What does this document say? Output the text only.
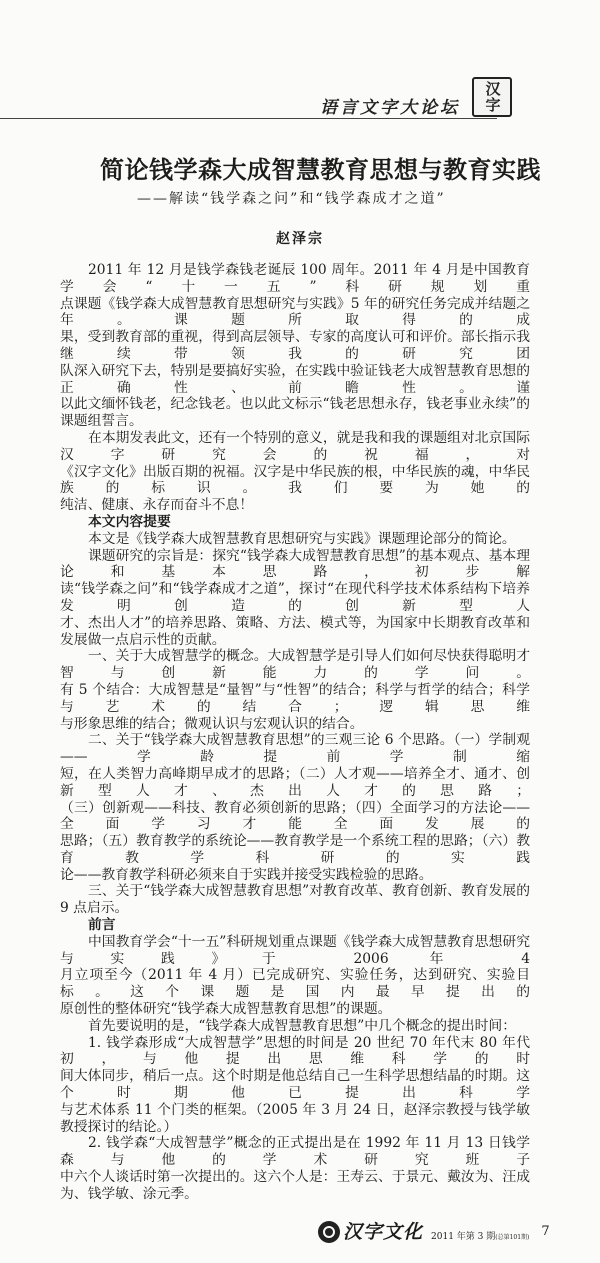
语言文字大论坛 汉字
简论钱学森大成智慧教育思想与教育实践
——解读“钱学森之问”和“钱学森成才之道”
赵泽宗
2011 年 12 月是钱学森钱老诞辰 100 周年。2011 年 4 月是中国教育学会“十一五”科研规划重
点课题《钱学森大成智慧教育思想研究与实践》5 年的研究任务完成并结题之年。课题所取得的成
果，受到教育部的重视，得到高层领导、专家的高度认可和评价。部长指示我继续带领我的研究团
队深入研究下去，特别是要搞好实验，在实践中验证钱老大成智慧教育思想的正确性、前瞻性。谨
以此文缅怀钱老，纪念钱老。也以此文标示“钱老思想永存，钱老事业永续”的课题组誓言。
在本期发表此文，还有一个特别的意义，就是我和我的课题组对北京国际汉字研究会的祝福，对
《汉字文化》出版百期的祝福。汉字是中华民族的根，中华民族的魂，中华民族的标识。我们要为她的
纯洁、健康、永存而奋斗不息！
本文内容提要
本文是《钱学森大成智慧教育思想研究与实践》课题理论部分的简论。
课题研究的宗旨是：探究“钱学森大成智慧教育思想”的基本观点、基本理论和基本思路，初步解
读“钱学森之问”和“钱学森成才之道”，探讨“在现代科学技术体系结构下培养发明创造的创新型人
才、杰出人才”的培养思路、策略、方法、模式等，为国家中长期教育改革和发展做一点启示性的贡献。
一、关于大成智慧学的概念。大成智慧学是引导人们如何尽快获得聪明才智与创新能力的学问。
有 5 个结合：大成智慧是“量智”与“性智”的结合；科学与哲学的结合；科学与艺术的结合；逻辑思维
与形象思维的结合；微观认识与宏观认识的结合。
二、关于“钱学森大成智慧教育思想”的三观三论 6 个思路。（一）学制观——学龄提前学制缩
短，在人类智力高峰期早成才的思路；（二）人才观——培养全才、通才、创新型人才、杰出人才的思路；
（三）创新观——科技、教育必须创新的思路；（四）全面学习的方法论——全面学习才能全面发展的
思路；（五）教育教学的系统论——教育教学是一个系统工程的思路；（六）教育教学科研的实践
论——教育教学科研必须来自于实践并接受实践检验的思路。
三、关于“钱学森大成智慧教育思想”对教育改革、教育创新、教育发展的 9 点启示。
前言
中国教育学会“十一五”科研规划重点课题《钱学森大成智慧教育思想研究与实践》于 2006 年 4
月立项至今（2011 年 4 月）已完成研究、实验任务，达到研究、实验目标。这个课题是国内最早提出的
原创性的整体研究“钱学森大成智慧教育思想”的课题。
首先要说明的是，“钱学森大成智慧教育思想”中几个概念的提出时间：
1. 钱学森形成“大成智慧学”思想的时间是 20 世纪 70 年代末 80 年代初，与他提出思维科学的时
间大体同步，稍后一点。这个时期是他总结自己一生科学思想结晶的时期。这个时期他已提出科学
与艺术体系 11 个门类的框架。（2005 年 3 月 24 日，赵泽宗教授与钱学敏教授探讨的结论。）
2. 钱学森“大成智慧学”概念的正式提出是在 1992 年 11 月 13 日钱学森与他的学术研究班子
中六个人谈话时第一次提出的。这六个人是：王寿云、于景元、戴汝为、汪成为、钱学敏、涂元季。
汉字文化 2011 年第 3 期(总第101期) 7
